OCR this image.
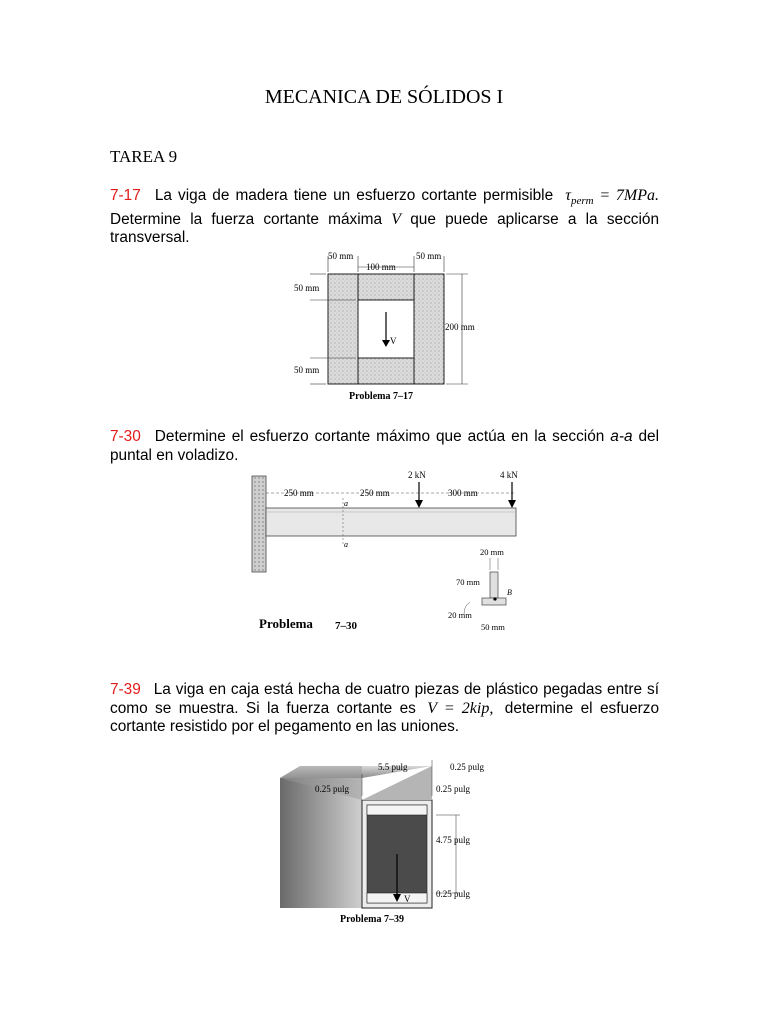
MECANICA DE SÓLIDOS I
TAREA 9
7-17 La viga de madera tiene un esfuerzo cortante permisible $\tau_{perm} = 7MPa$. Determine la fuerza cortante máxima V que puede aplicarse a la sección transversal.
50 mm
100 mm
50 mm
50 mm
50 mm
200 mm
V
Problema 7–17
7-30 Determine el esfuerzo cortante máximo que actúa en la sección a-a del puntal en voladizo.
250 mm	250 mm	300 mm
a
a
2 kN	4 kN
20 mm
70 mm
B
20 mm
50 mm
Problema 7–30
7-39 La viga en caja está hecha de cuatro piezas de plástico pegadas entre sí como se muestra. Si la fuerza cortante es V = 2kip, determine el esfuerzo cortante resistido por el pegamento en las uniones.
5.5 pulg	0.25 pulg
0.25 pulg	0.25 pulg
4.75 pulg
0.25 pulg
V
Problema 7–39
